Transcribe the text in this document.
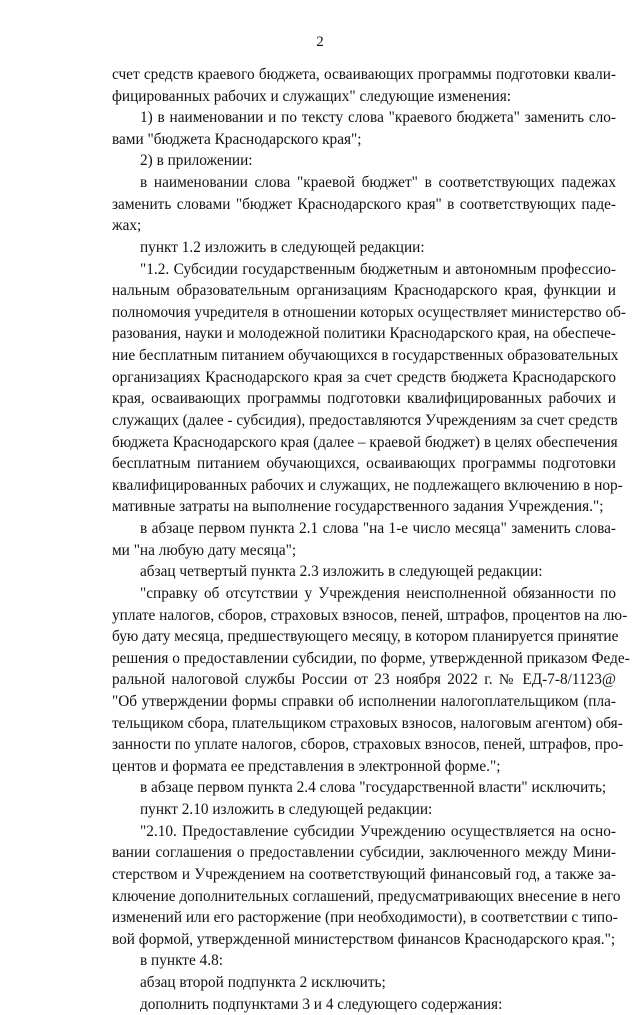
2
счет средств краевого бюджета, осваивающих программы подготовки квали-
фицированных рабочих и служащих" следующие изменения:
1) в наименовании и по тексту слова "краевого бюджета" заменить сло-
вами "бюджета Краснодарского края";
2) в приложении:
в наименовании слова "краевой бюджет" в соответствующих падежах
заменить словами "бюджет Краснодарского края" в соответствующих паде-
жах;
пункт 1.2 изложить в следующей редакции:
"1.2. Субсидии государственным бюджетным и автономным профессио-
нальным образовательным организациям Краснодарского края, функции и
полномочия учредителя в отношении которых осуществляет министерство об-
разования, науки и молодежной политики Краснодарского края, на обеспече-
ние бесплатным питанием обучающихся в государственных образовательных
организациях Краснодарского края за счет средств бюджета Краснодарского
края, осваивающих программы подготовки квалифицированных рабочих и
служащих (далее - субсидия), предоставляются Учреждениям за счет средств
бюджета Краснодарского края (далее – краевой бюджет) в целях обеспечения
бесплатным питанием обучающихся, осваивающих программы подготовки
квалифицированных рабочих и служащих, не подлежащего включению в нор-
мативные затраты на выполнение государственного задания Учреждения.";
в абзаце первом пункта 2.1 слова "на 1-е число месяца" заменить слова-
ми "на любую дату месяца";
абзац четвертый пункта 2.3 изложить в следующей редакции:
"справку об отсутствии у Учреждения неисполненной обязанности по
уплате налогов, сборов, страховых взносов, пеней, штрафов, процентов на лю-
бую дату месяца, предшествующего месяцу, в котором планируется принятие
решения о предоставлении субсидии, по форме, утвержденной приказом Феде-
ральной налоговой службы России от 23 ноября 2022 г. № ЕД-7-8/1123@
"Об утверждении формы справки об исполнении налогоплательщиком (пла-
тельщиком сбора, плательщиком страховых взносов, налоговым агентом) обя-
занности по уплате налогов, сборов, страховых взносов, пеней, штрафов, про-
центов и формата ее представления в электронной форме.";
в абзаце первом пункта 2.4 слова "государственной власти" исключить;
пункт 2.10 изложить в следующей редакции:
"2.10. Предоставление субсидии Учреждению осуществляется на осно-
вании соглашения о предоставлении субсидии, заключенного между Мини-
стерством и Учреждением на соответствующий финансовый год, а также за-
ключение дополнительных соглашений, предусматривающих внесение в него
изменений или его расторжение (при необходимости), в соответствии с типо-
вой формой, утвержденной министерством финансов Краснодарского края.";
в пункте 4.8:
абзац второй подпункта 2 исключить;
дополнить подпунктами 3 и 4 следующего содержания:
